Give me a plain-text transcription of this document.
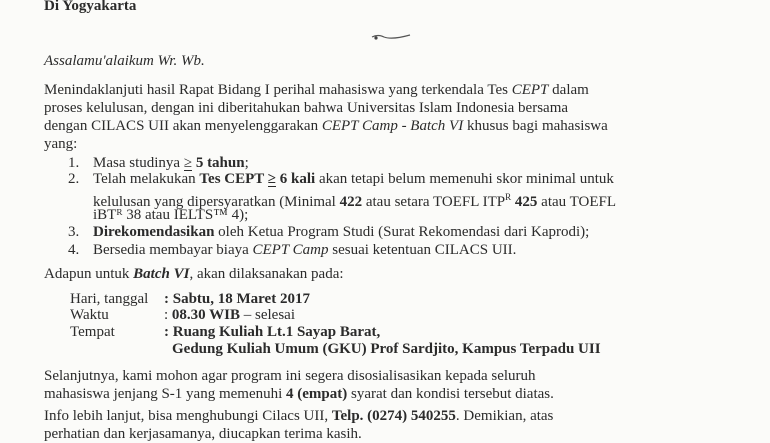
Di Yogyakarta
Assalamu'alaikum Wr. Wb.
Menindaklanjuti hasil Rapat Bidang I perihal mahasiswa yang terkendala Tes CEPT dalam
proses kelulusan, dengan ini diberitahukan bahwa Universitas Islam Indonesia bersama
dengan CILACS UII akan menyelenggarakan CEPT Camp - Batch VI khusus bagi mahasiswa
yang:
1. Masa studinya ≥ 5 tahun;
2. Telah melakukan Tes CEPT ≥ 6 kali akan tetapi belum memenuhi skor minimal untuk
kelulusan yang dipersyaratkan (Minimal 422 atau setara TOEFL $ITP^R$ 425 atau TOEFL
iBTᴿ 38 atau IELTS™ 4);
3. Direkomendasikan oleh Ketua Program Studi (Surat Rekomendasi dari Kaprodi);
4. Bersedia membayar biaya CEPT Camp sesuai ketentuan CILACS UII.
Adapun untuk Batch VI, akan dilaksanakan pada:
Hari, tanggal : Sabtu, 18 Maret 2017
Waktu	: 08.30 WIB – selesai
Tempat	: Ruang Kuliah Lt.1 Sayap Barat,
Gedung Kuliah Umum (GKU) Prof Sardjito, Kampus Terpadu UII
Selanjutnya, kami mohon agar program ini segera disosialisasikan kepada seluruh
mahasiswa jenjang S-1 yang memenuhi 4 (empat) syarat dan kondisi tersebut diatas.
Info lebih lanjut, bisa menghubungi Cilacs UII, Telp. (0274) 540255. Demikian, atas
perhatian dan kerjasamanya, diucapkan terima kasih.
